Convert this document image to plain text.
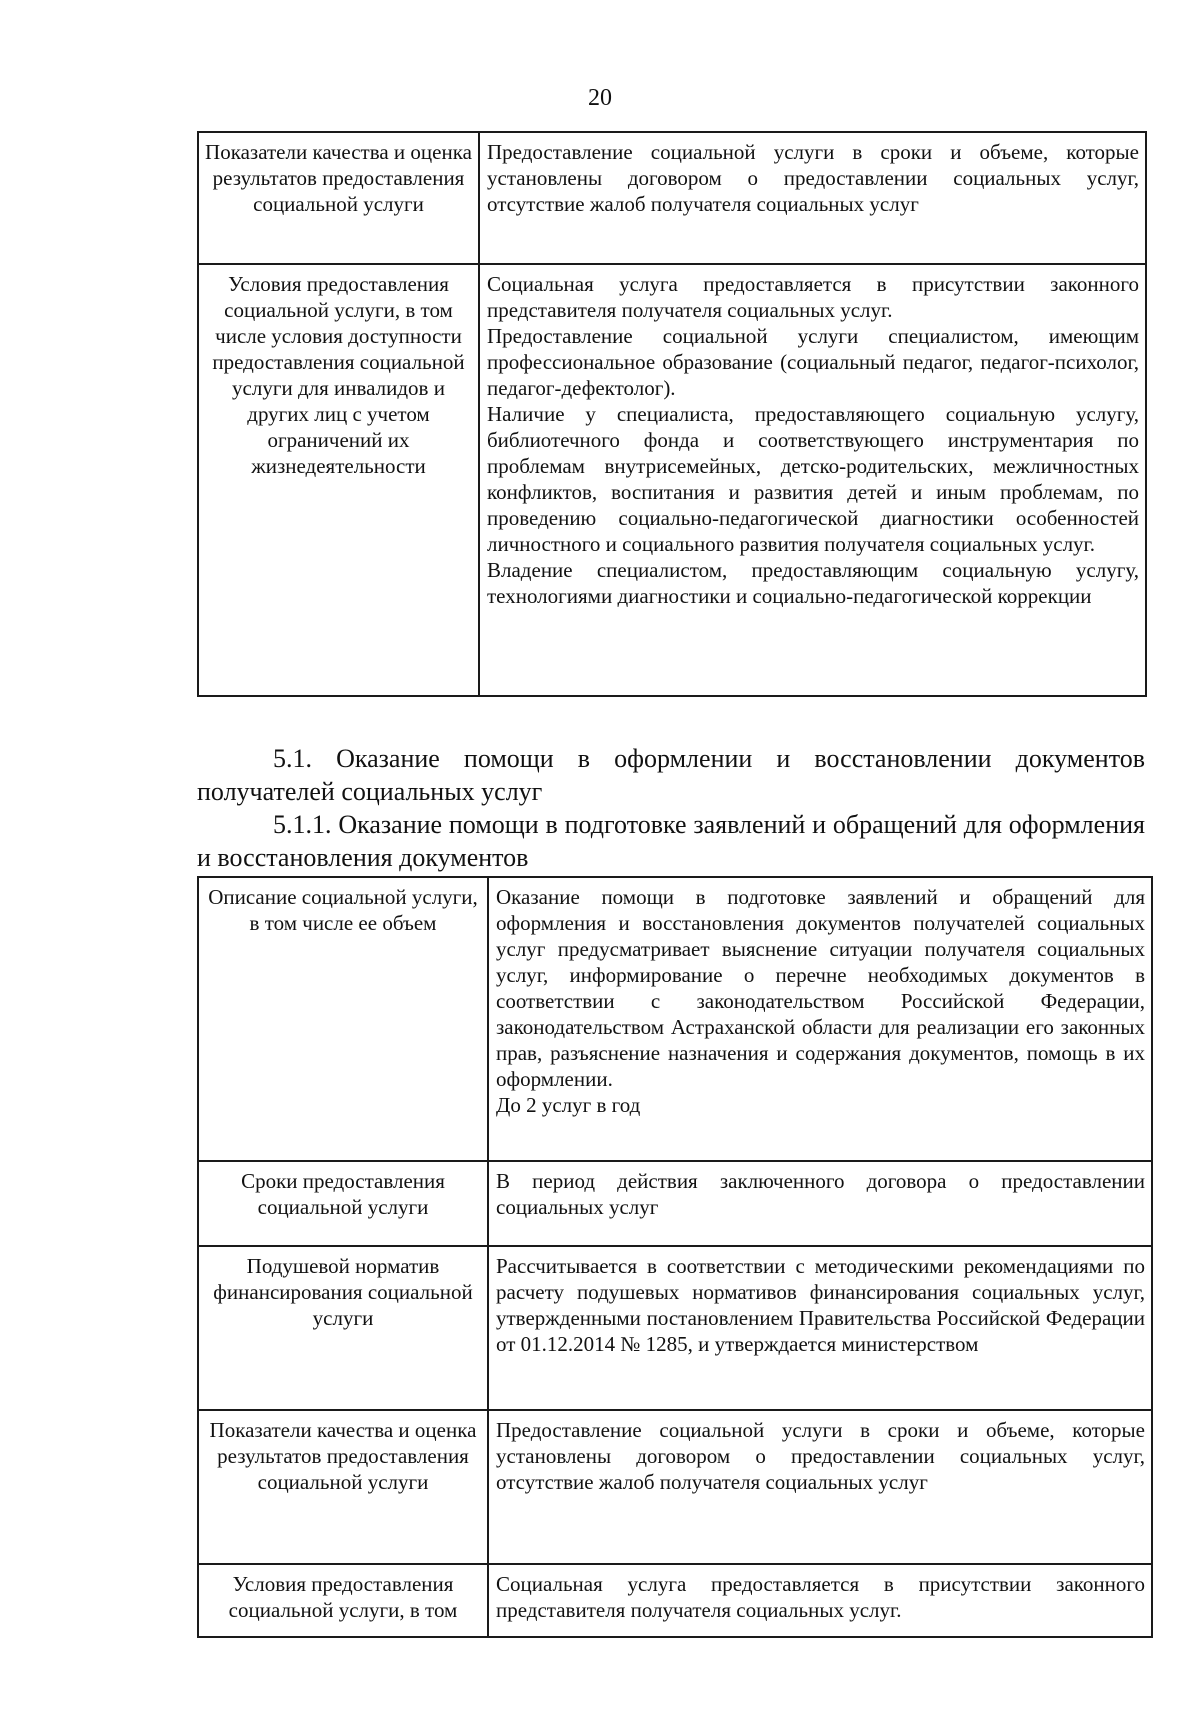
20
Показатели качества и оценка результатов предоставления социальной услуги	Предоставление социальной услуги в сроки и объеме, которые установлены договором о предоставлении социальных услуг, отсутствие жалоб получателя социальных услуг

Условия предоставления социальной услуги, в том числе условия доступности предоставления социальной услуги для инвалидов и других лиц с учетом ограничений их жизнедеятельности	Социальная услуга предоставляется в присутствии законного представителя получателя социальных услуг.

Предоставление социальной услуги специалистом, имеющим профессиональное образование (социальный педагог, педагог-психолог, педагог-дефектолог).

Наличие у специалиста, предоставляющего социальную услугу, библиотечного фонда и соответствующего инструментария по проблемам внутрисемейных, детско-родительских, межличностных конфликтов, воспитания и развития детей и иным проблемам, по проведению социально-педагогической диагностики особенностей личностного и социального развития получателя социальных услуг.

Владение специалистом, предоставляющим социальную услугу, технологиями диагностики и социально-педагогической коррекции

5.1. Оказание помощи в оформлении и восстановлении документов получателей социальных услуг

5.1.1. Оказание помощи в подготовке заявлений и обращений для оформления и восстановления документов

Описание социальной услуги, в том числе ее объем	Оказание помощи в подготовке заявлений и обращений для оформления и восстановления документов получателей социальных услуг предусматривает выяснение ситуации получателя социальных услуг, информирование о перечне необходимых документов в соответствии с законодательством Российской Федерации, законодательством Астраханской области для реализации его законных прав, разъяснение назначения и содержания документов, помощь в их оформлении.

До 2 услуг в год

Сроки предоставления социальной услуги	В период действия заключенного договора о предоставлении социальных услуг

Подушевой норматив финансирования социальной услуги	Рассчитывается в соответствии с методическими рекомендациями по расчету подушевых нормативов финансирования социальных услуг, утвержденными постановлением Правительства Российской Федерации от 01.12.2014 № 1285, и утверждается министерством

Показатели качества и оценка результатов предоставления социальной услуги	Предоставление социальной услуги в сроки и объеме, которые установлены договором о предоставлении социальных услуг, отсутствие жалоб получателя социальных услуг

Условия предоставления социальной услуги, в том	Социальная услуга предоставляется в присутствии законного представителя получателя социальных услуг.
